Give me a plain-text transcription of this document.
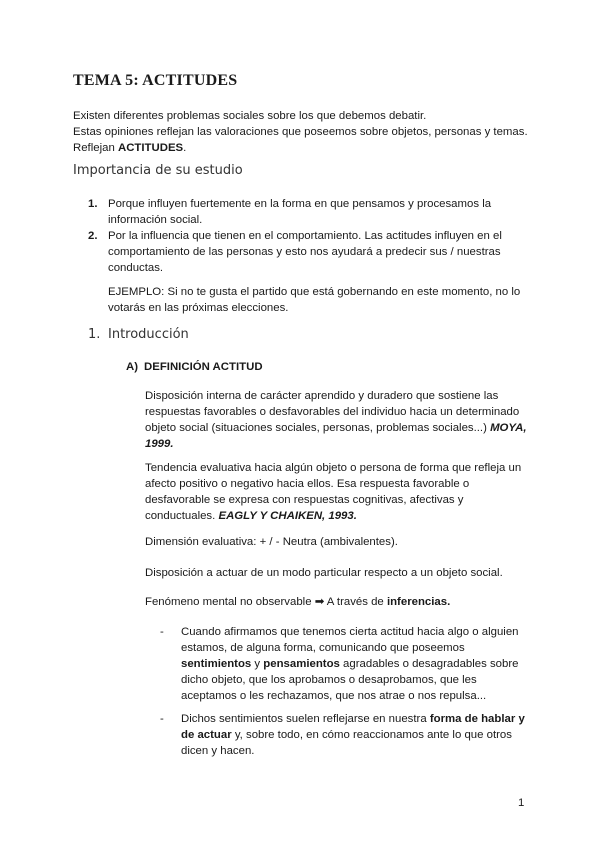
TEMA 5: ACTITUDES

Existen diferentes problemas sociales sobre los que debemos debatir.

Estas opiniones reflejan las valoraciones que poseemos sobre objetos, personas y temas.

Reflejan ACTITUDES.

Importancia de su estudio

1. Porque influyen fuertemente en la forma en que pensamos y procesamos la información social.

2. Por la influencia que tienen en el comportamiento. Las actitudes influyen en el comportamiento de las personas y esto nos ayudará a predecir sus / nuestras conductas.

EJEMPLO: Si no te gusta el partido que está gobernando en este momento, no lo votarás en las próximas elecciones.

1. Introducción
A) DEFINICIÓN ACTITUD

Disposición interna de carácter aprendido y duradero que sostiene las respuestas favorables o desfavorables del individuo hacia un determinado objeto social (situaciones sociales, personas, problemas sociales...) MOYA, 1999.

Tendencia evaluativa hacia algún objeto o persona de forma que refleja un afecto positivo o negativo hacia ellos. Esa respuesta favorable o desfavorable se expresa con respuestas cognitivas, afectivas y conductuales. EAGLY Y CHAIKEN, 1993.

Dimensión evaluativa: + / - Neutra (ambivalentes).

Disposición a actuar de un modo particular respecto a un objeto social.

Fenómeno mental no observable ➡ A través de inferencias.

- Cuando afirmamos que tenemos cierta actitud hacia algo o alguien estamos, de alguna forma, comunicando que poseemos sentimientos y pensamientos agradables o desagradables sobre dicho objeto, que los aprobamos o desaprobamos, que les aceptamos o les rechazamos, que nos atrae o nos repulsa...

- Dichos sentimientos suelen reflejarse en nuestra forma de hablar y de actuar y, sobre todo, en cómo reaccionamos ante lo que otros dicen y hacen.

1
